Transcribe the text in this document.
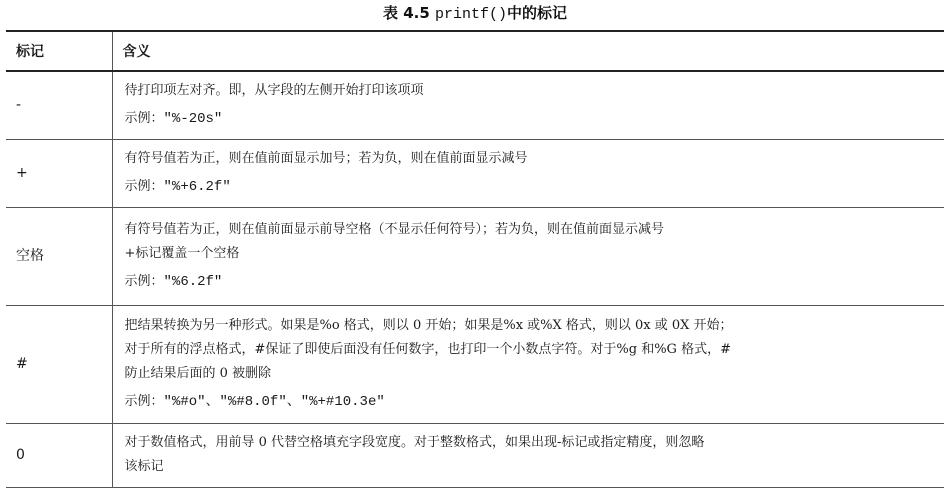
表 4.5 printf()中的标记
标记	含义
-	待打印项左对齐。即，从字段的左侧开始打印该项项
示例："%-20s"

+	有符号值若为正，则在值前面显示加号；若为负，则在值前面显示减号
示例："%+6.2f"

空格	有符号值若为正，则在值前面显示前导空格（不显示任何符号）；若为负，则在值前面显示减号
+标记覆盖一个空格
示例："%6.2f"

#	把结果转换为另一种形式。如果是%o 格式，则以 0 开始；如果是%x 或%X 格式，则以 0x 或 0X 开始；
对于所有的浮点格式，#保证了即使后面没有任何数字，也打印一个小数点字符。对于%g 和%G 格式，#
防止结果后面的 0 被删除
示例："%#o"、"%#8.0f"、"%+#10.3e"

0	对于数值格式，用前导 0 代替空格填充字段宽度。对于整数格式，如果出现-标记或指定精度，则忽略
该标记
